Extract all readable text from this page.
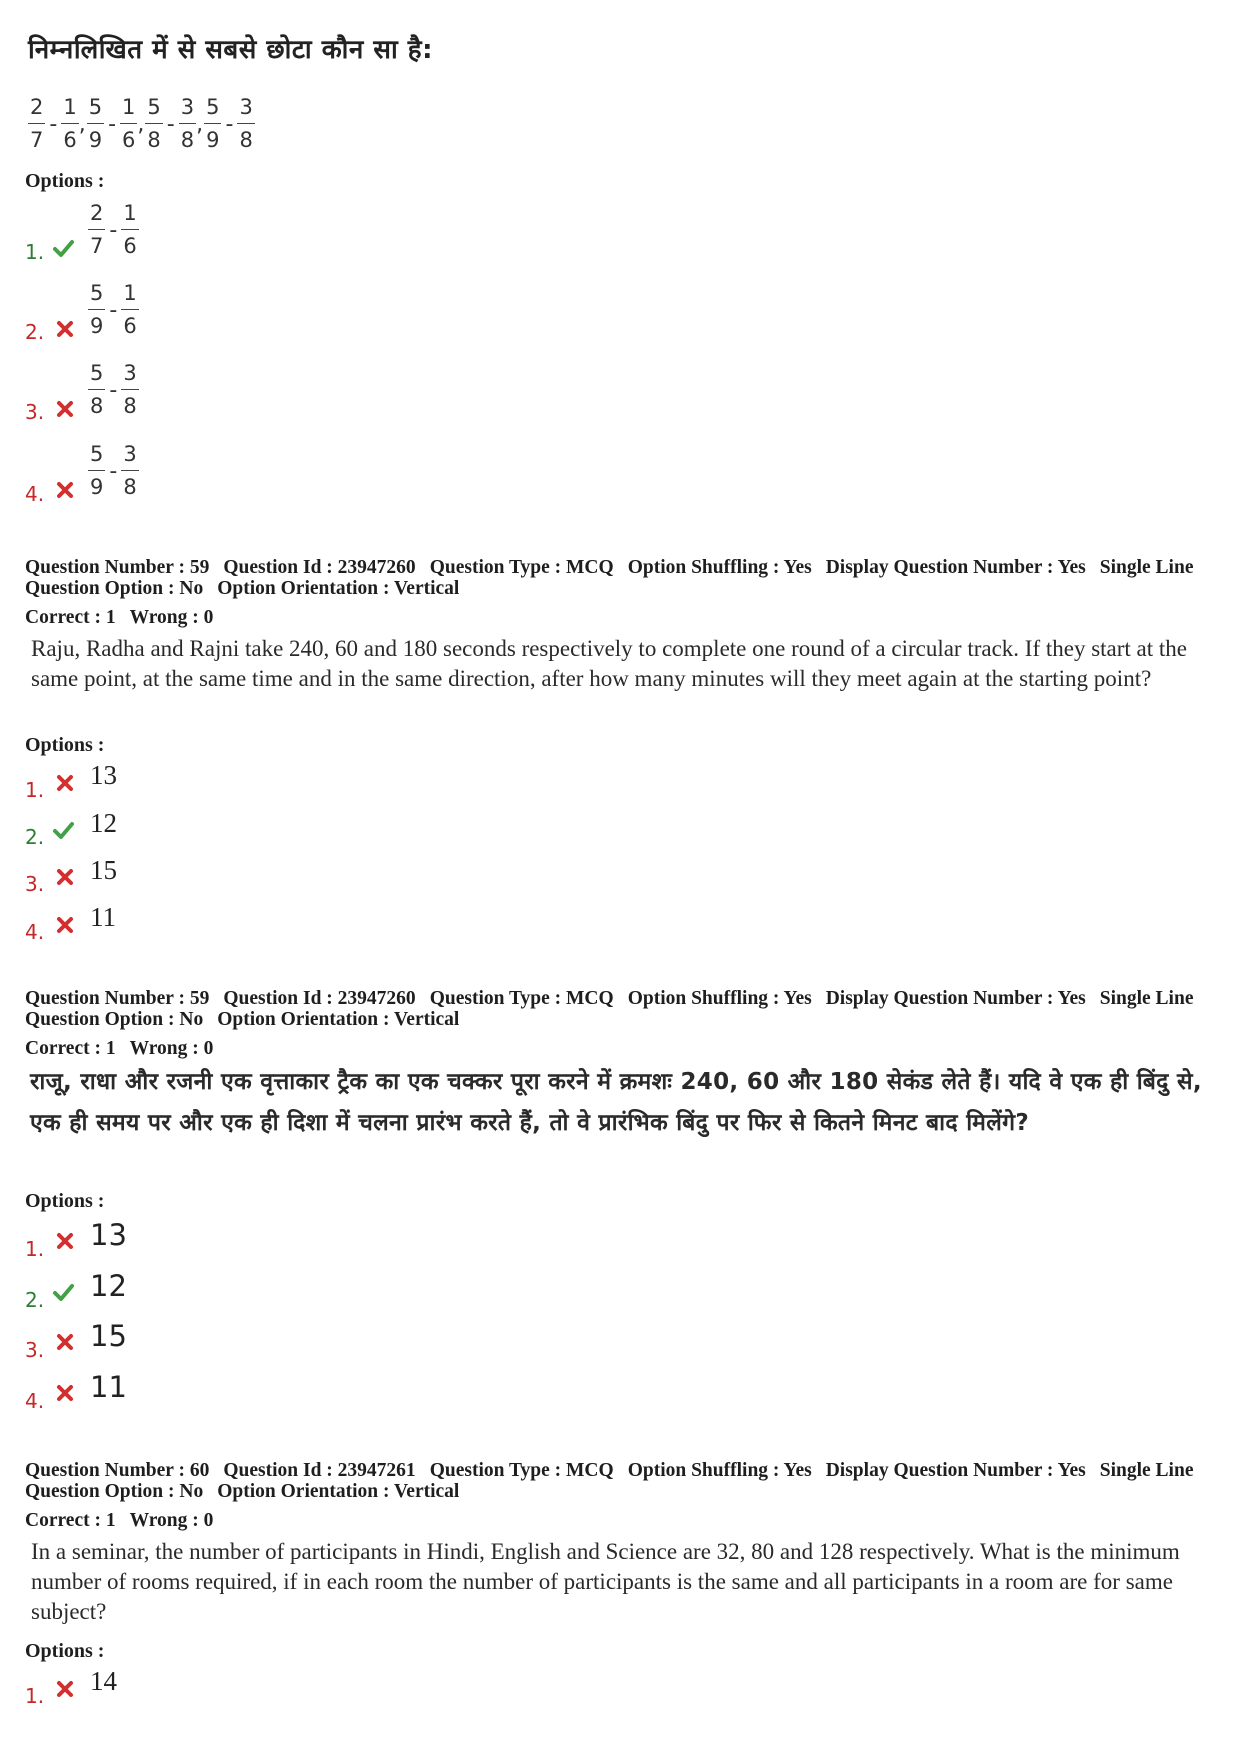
निम्नलिखित में से सबसे छोटा कौन सा है:
$\frac{2}{7} - \frac{1}{6}$ , $\frac{5}{9} - \frac{1}{6}$ , $\frac{5}{8} - \frac{3}{8}$ , $\frac{5}{9} - \frac{3}{8}$
Options :
1. $\frac{2}{7} - \frac{1}{6}$
2. $\frac{5}{9} - \frac{1}{6}$
3. $\frac{5}{8} - \frac{3}{8}$
4. $\frac{5}{9} - \frac{3}{8}$
Question Number : 59 Question Id : 23947260 Question Type : MCQ Option Shuffling : Yes Display Question Number : Yes Single Line Question Option : No Option Orientation : Vertical
Correct : 1 Wrong : 0
Raju, Radha and Rajni take 240, 60 and 180 seconds respectively to complete one round of a circular track. If they start at the same point, at the same time and in the same direction, after how many minutes will they meet again at the starting point?
Options :
1. 13
2. 12
3. 15
4. 11
Question Number : 59 Question Id : 23947260 Question Type : MCQ Option Shuffling : Yes Display Question Number : Yes Single Line Question Option : No Option Orientation : Vertical
Correct : 1 Wrong : 0
राजू, राधा और रजनी एक वृत्ताकार ट्रैक का एक चक्कर पूरा करने में क्रमशः 240, 60 और 180 सेकंड लेते हैं। यदि वे एक ही बिंदु से, एक ही समय पर और एक ही दिशा में चलना प्रारंभ करते हैं, तो वे प्रारंभिक बिंदु पर फिर से कितने मिनट बाद मिलेंगे?
Options :
1. 13
2. 12
3. 15
4. 11
Question Number : 60 Question Id : 23947261 Question Type : MCQ Option Shuffling : Yes Display Question Number : Yes Single Line Question Option : No Option Orientation : Vertical
Correct : 1 Wrong : 0
In a seminar, the number of participants in Hindi, English and Science are 32, 80 and 128 respectively. What is the minimum number of rooms required, if in each room the number of participants is the same and all participants in a room are for same subject?
Options :
1. 14
